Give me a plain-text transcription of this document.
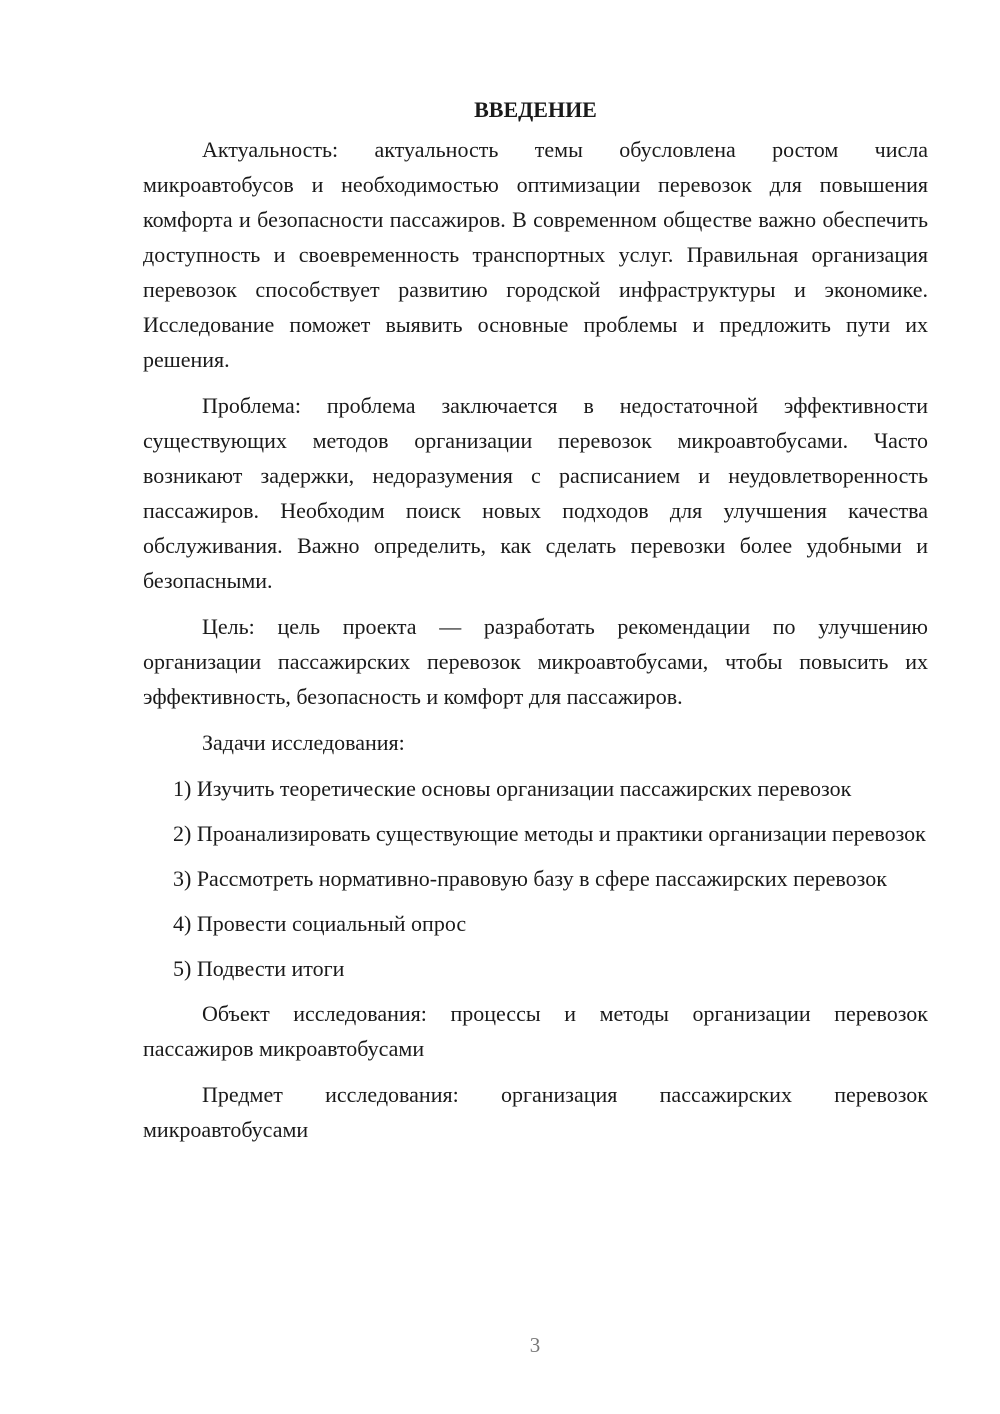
ВВЕДЕНИЕ

Актуальность: актуальность темы обусловлена ростом числа микроавтобусов и необходимостью оптимизации перевозок для повышения комфорта и безопасности пассажиров. В современном обществе важно обеспечить доступность и своевременность транспортных услуг. Правильная организация перевозок способствует развитию городской инфраструктуры и экономике. Исследование поможет выявить основные проблемы и предложить пути их решения.

Проблема: проблема заключается в недостаточной эффективности существующих методов организации перевозок микроавтобусами. Часто возникают задержки, недоразумения с расписанием и неудовлетворенность пассажиров. Необходим поиск новых подходов для улучшения качества обслуживания. Важно определить, как сделать перевозки более удобными и безопасными.

Цель: цель проекта — разработать рекомендации по улучшению организации пассажирских перевозок микроавтобусами, чтобы повысить их эффективность, безопасность и комфорт для пассажиров.

Задачи исследования:

1) Изучить теоретические основы организации пассажирских перевозок

2) Проанализировать существующие методы и практики организации перевозок

3) Рассмотреть нормативно-правовую базу в сфере пассажирских перевозок

4) Провести социальный опрос

5) Подвести итоги

Объект исследования: процессы и методы организации перевозок пассажиров микроавтобусами

Предмет исследования: организация пассажирских перевозок микроавтобусами

3
